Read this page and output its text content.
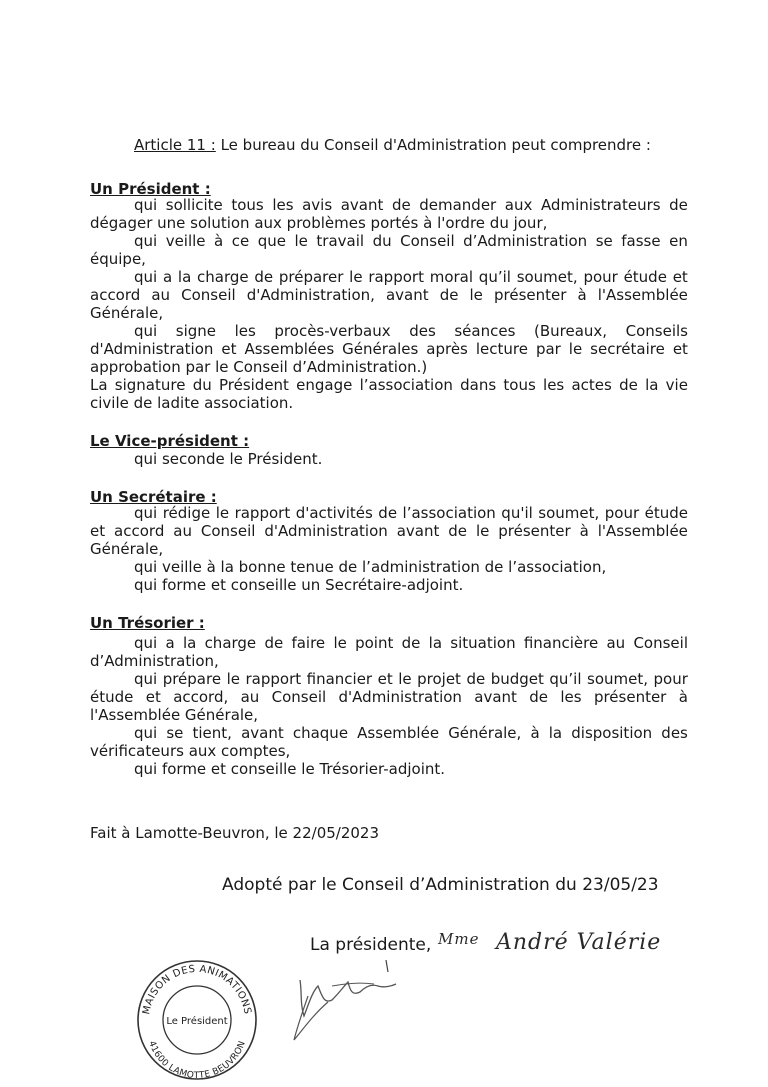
Article 11 : Le bureau du Conseil d'Administration peut comprendre :
Un Président :
qui sollicite tous les avis avant de demander aux Administrateurs de
dégager une solution aux problèmes portés à l'ordre du jour,
qui veille à ce que le travail du Conseil d’Administration se fasse en
équipe,
qui a la charge de préparer le rapport moral qu’il soumet, pour étude et
accord au Conseil d'Administration, avant de le présenter à l'Assemblée
Générale,
qui signe les procès-verbaux des séances (Bureaux, Conseils
d'Administration et Assemblées Générales après lecture par le secrétaire et
approbation par le Conseil d’Administration.)
La signature du Président engage l’association dans tous les actes de la vie
civile de ladite association.
Le Vice-président :
qui seconde le Président.
Un Secrétaire :
qui rédige le rapport d'activités de l’association qu'il soumet, pour étude
et accord au Conseil d'Administration avant de le présenter à l'Assemblée
Générale,
qui veille à la bonne tenue de l’administration de l’association,
qui forme et conseille un Secrétaire-adjoint.
Un Trésorier :
qui a la charge de faire le point de la situation financière au Conseil
d’Administration,
qui prépare le rapport financier et le projet de budget qu’il soumet, pour
étude et accord, au Conseil d'Administration avant de les présenter à
l'Assemblée Générale,
qui se tient, avant chaque Assemblée Générale, à la disposition des
vérificateurs aux comptes,
qui forme et conseille le Trésorier-adjoint.
Fait à Lamotte-Beuvron, le 22/05/2023
Adopté par le Conseil d’Administration du 23/05/23
La présidente, Mme André Valérie
MAISON DES ANIMATIONS
41600 LAMOTTE BEUVRON
Le Président
